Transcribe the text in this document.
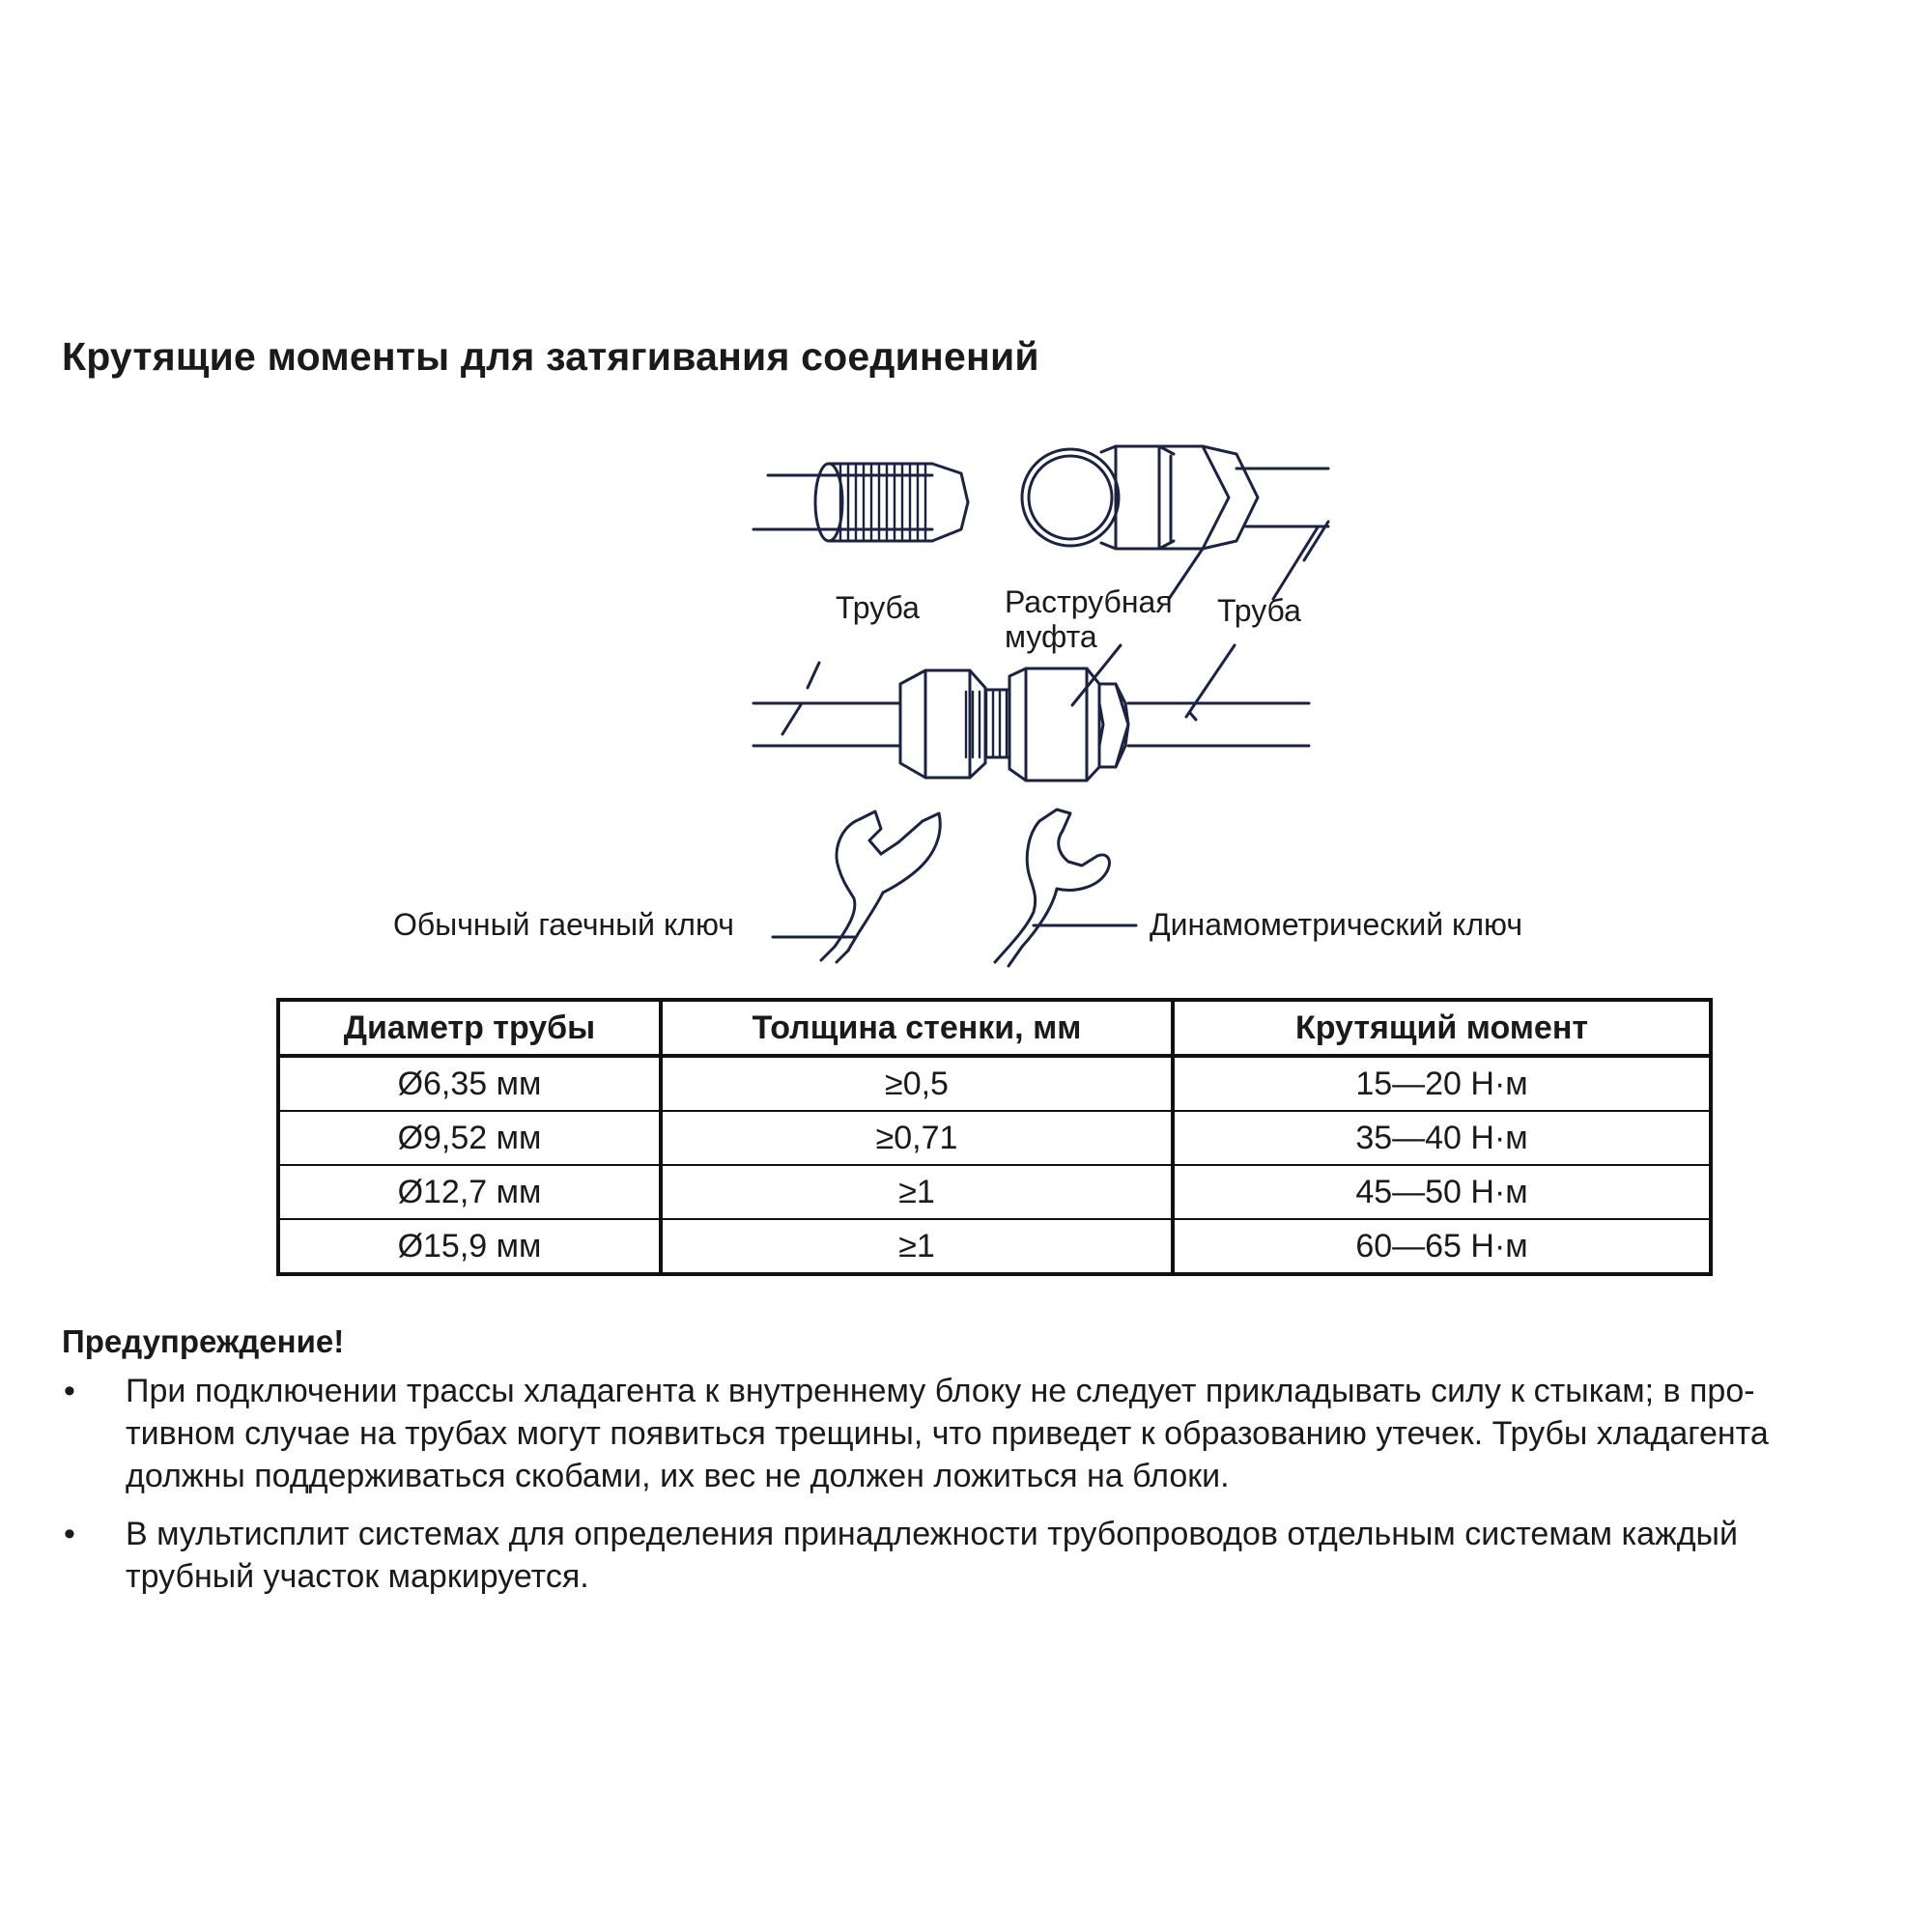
Крутящие моменты для затягивания соединений
Труба	Раструбная
муфта
Труба
Обычный гаечный ключ	Динамометрический ключ
Диаметр трубы	Толщина стенки, мм	Крутящий момент
Ø6,35 мм	≥0,5	15—20 Н·м
Ø9,52 мм	≥0,71	35—40 Н·м
Ø12,7 мм	≥1	45—50 Н·м
Ø15,9 мм	≥1	60—65 Н·м
Предупреждение!
• При подключении трассы хладагента к внутреннему блоку не следует прикладывать силу к стыкам; в про-
тивном случае на трубах могут появиться трещины, что приведет к образованию утечек. Трубы хладагента
должны поддерживаться скобами, их вес не должен ложиться на блоки.
• В мультисплит системах для определения принадлежности трубопроводов отдельным системам каждый
трубный участок маркируется.
